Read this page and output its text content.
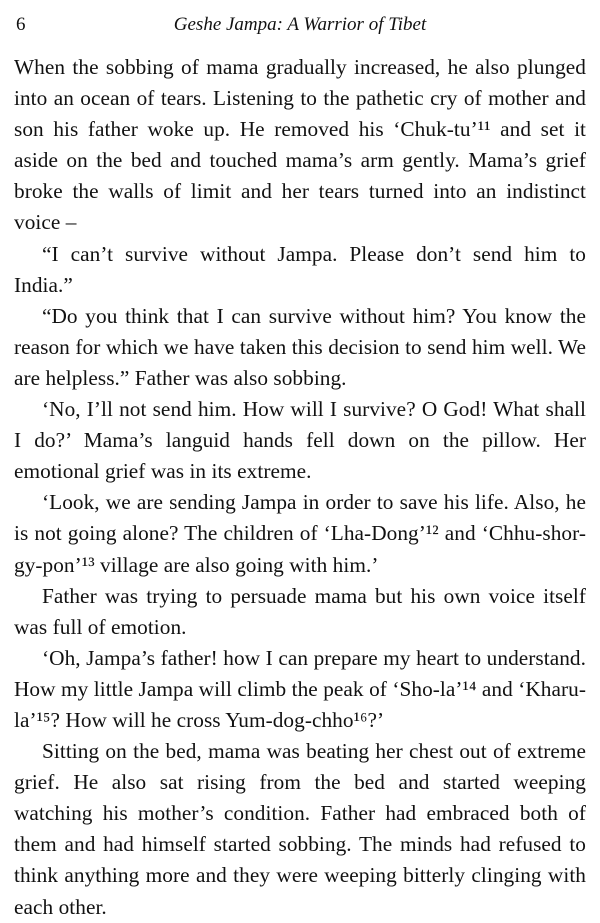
6	Geshe Jampa: A Warrior of Tibet

When the sobbing of mama gradually increased, he also plunged into an ocean of tears. Listening to the pathetic cry of mother and son his father woke up. He removed his ‘Chuk-tu’¹¹ and set it aside on the bed and touched mama’s arm gently. Mama’s grief broke the walls of limit and her tears turned into an indistinct voice –

“I can’t survive without Jampa. Please don’t send him to India.”

“Do you think that I can survive without him? You know the reason for which we have taken this decision to send him well. We are helpless.” Father was also sobbing.

‘No, I’ll not send him. How will I survive? O God! What shall I do?’ Mama’s languid hands fell down on the pillow. Her emotional grief was in its extreme.

‘Look, we are sending Jampa in order to save his life. Also, he is not going alone? The children of ‘Lha-Dong’¹² and ‘Chhu-shor-gy-pon’¹³ village are also going with him.’

Father was trying to persuade mama but his own voice itself was full of emotion.

‘Oh, Jampa’s father! how I can prepare my heart to understand. How my little Jampa will climb the peak of ‘Sho-la’¹⁴ and ‘Kharu-la’¹⁵? How will he cross Yum-dog-chho¹⁶?’

Sitting on the bed, mama was beating her chest out of extreme grief. He also sat rising from the bed and started weeping watching his mother’s condition. Father had embraced both of them and had himself started sobbing. The minds had refused to think anything more and they were weeping bitterly clinging with each other.
